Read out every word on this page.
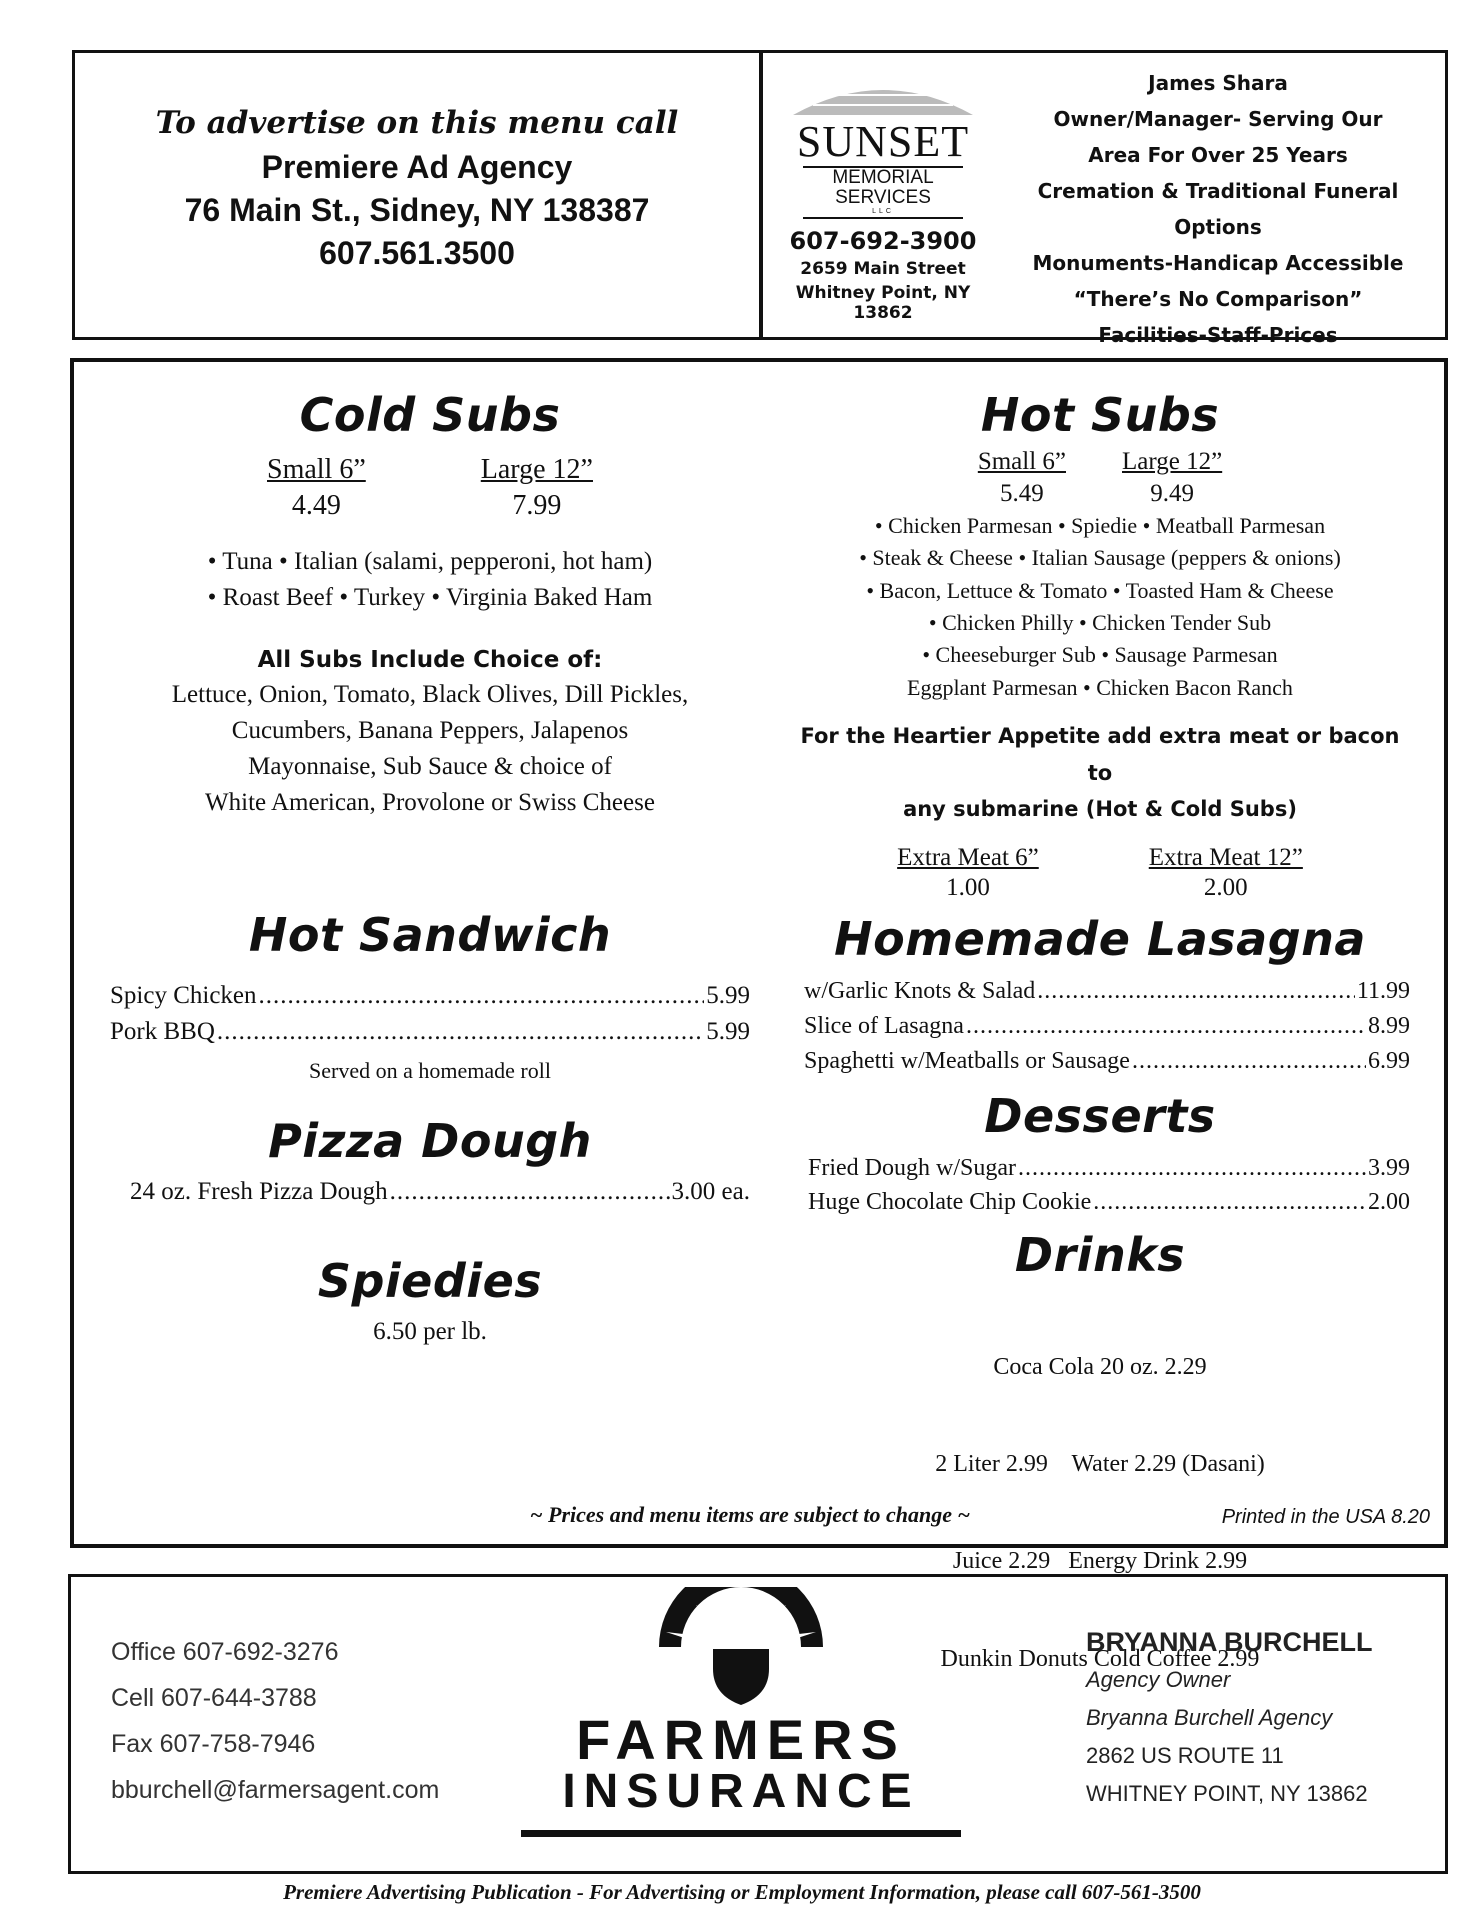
To advertise on this menu call
Premiere Ad Agency
76 Main St., Sidney, NY 138387
607.561.3500
SUNSET
MEMORIAL
SERVICES
LLC
607-692-3900
2659 Main Street
Whitney Point, NY 13862
James Shara
Owner/Manager- Serving Our
Area For Over 25 Years
Cremation & Traditional Funeral Options
Monuments-Handicap Accessible
“There’s No Comparison”
Facilities-Staff-Prices
Cold Subs
Small 6”
4.49
Large 12”
7.99
• Tuna • Italian (salami, pepperoni, hot ham)
• Roast Beef • Turkey • Virginia Baked Ham
All Subs Include Choice of:
Lettuce, Onion, Tomato, Black Olives, Dill Pickles,
Cucumbers, Banana Peppers, Jalapenos
Mayonnaise, Sub Sauce & choice of
White American, Provolone or Swiss Cheese
Hot Sandwich
Spicy Chicken .....	5.99
Pork BBQ .....	5.99
Served on a homemade roll
Pizza Dough
24 oz. Fresh Pizza Dough .....	3.00 ea.
Spiedies
6.50 per lb.
Hot Subs
Small 6”
5.49
Large 12”
9.49
• Chicken Parmesan • Spiedie • Meatball Parmesan
• Steak & Cheese • Italian Sausage (peppers & onions)
• Bacon, Lettuce & Tomato • Toasted Ham & Cheese
• Chicken Philly • Chicken Tender Sub
• Cheeseburger Sub • Sausage Parmesan
Eggplant Parmesan • Chicken Bacon Ranch
For the Heartier Appetite add extra meat or bacon to
any submarine (Hot & Cold Subs)
Extra Meat 6”
1.00
Extra Meat 12”
2.00
Homemade Lasagna
w/Garlic Knots & Salad .....	11.99
Slice of Lasagna .....	8.99
Spaghetti w/Meatballs or Sausage .....	6.99
Desserts
Fried Dough w/Sugar .....	3.99
Huge Chocolate Chip Cookie .....	2.00
Drinks

Coca Cola 20 oz. 2.29

2 Liter 2.99    Water 2.29 (Dasani)

Juice 2.29   Energy Drink 2.99

Dunkin Donuts Cold Coffee 2.99

~ Prices and menu items are subject to change ~	Printed in the USA 8.20
Office 607-692-3276
Cell 607-644-3788
Fax 607-758-7946
bburchell@farmersagent.com
FARMERS
INSURANCE
BRYANNA BURCHELL
Agency Owner
Bryanna Burchell Agency
2862 US ROUTE 11
WHITNEY POINT, NY 13862
Premiere Advertising Publication - For Advertising or Employment Information, please call 607-561-3500
